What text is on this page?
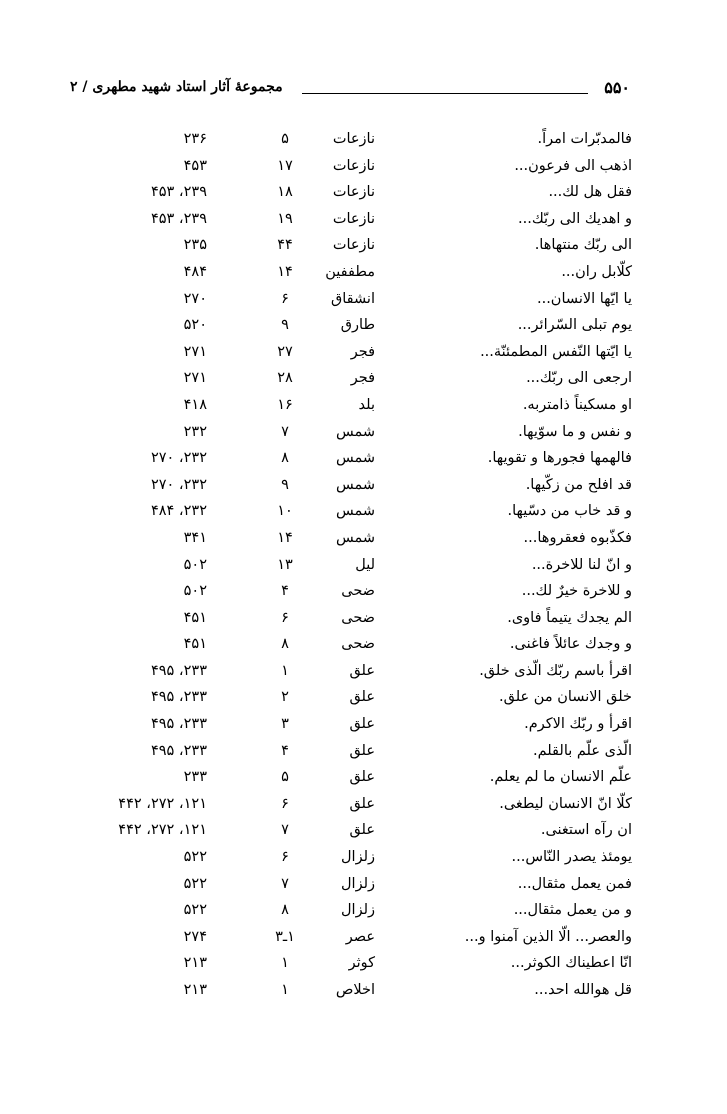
۵۵۰
مجموعهٔ آثار استاد شهید مطهری / ۲
فالمدبّرات امراً.
نازعات
۵
۲۳۶
اذهب الی فرعون...
نازعات
۱۷
۴۵۳
فقل هل لك...
نازعات
۱۸
۲۳۹، ۴۵۳
و اهدیك الی ربّك...
نازعات
۱۹
۲۳۹، ۴۵۳
الی ربّك منتهاها.
نازعات
۴۴
۲۳۵
كلّابل ران...
مطففین
۱۴
۴۸۴
یا ایّها الانسان...
انشقاق
۶
۲۷۰
یوم تبلی السّرائر...
طارق
۹
۵۲۰
یا ایّتها النّفس المطمئنّة...
فجر
۲۷
۲۷۱
ارجعی الی ربّك...
فجر
۲۸
۲۷۱
او مسكیناً ذامتربه.
بلد
۱۶
۴۱۸
و نفس و ما سوّیها.
شمس
۷
۲۳۲
فالهمها فجورها و تقویها.
شمس
۸
۲۳۲، ۲۷۰
قد افلح من زكّیها.
شمس
۹
۲۳۲، ۲۷۰
و قد خاب من دسّیها.
شمس
۱۰
۲۳۲، ۴۸۴
فكذّبوه فعقروها...
شمس
۱۴
۳۴۱
و انّ لنا للاخرة...
لیل
۱۳
۵۰۲
و للاخرة خیرٌ لك...
ضحی
۴
۵۰۲
الم یجدك یتیماً فاوی.
ضحی
۶
۴۵۱
و وجدك عائلاً فاغنی.
ضحی
۸
۴۵۱
اقرأ باسم ربّك الّذی خلق.
علق
۱
۲۳۳، ۴۹۵
خلق الانسان من علق.
علق
۲
۲۳۳، ۴۹۵
اقرأ و ربّك الاكرم.
علق
۳
۲۳۳، ۴۹۵
الّذی علّم بالقلم.
علق
۴
۲۳۳، ۴۹۵
علّم الانسان ما لم یعلم.
علق
۵
۲۳۳
كلّا انّ الانسان لیطغی.
علق
۶
۱۲۱، ۲۷۲، ۴۴۲
ان رآه استغنی.
علق
۷
۱۲۱، ۲۷۲، ۴۴۲
یومئذ یصدر النّاس...
زلزال
۶
۵۲۲
فمن یعمل مثقال...
زلزال
۷
۵۲۲
و من یعمل مثقال...
زلزال
۸
۵۲۲
والعصر... الّا الذین آمنوا و...
عصر
۱ـ۳
۲۷۴
انّا اعطیناك الكوثر...
كوثر
۱
۲۱۳
قل هوالله احد...
اخلاص
۱
۲۱۳
